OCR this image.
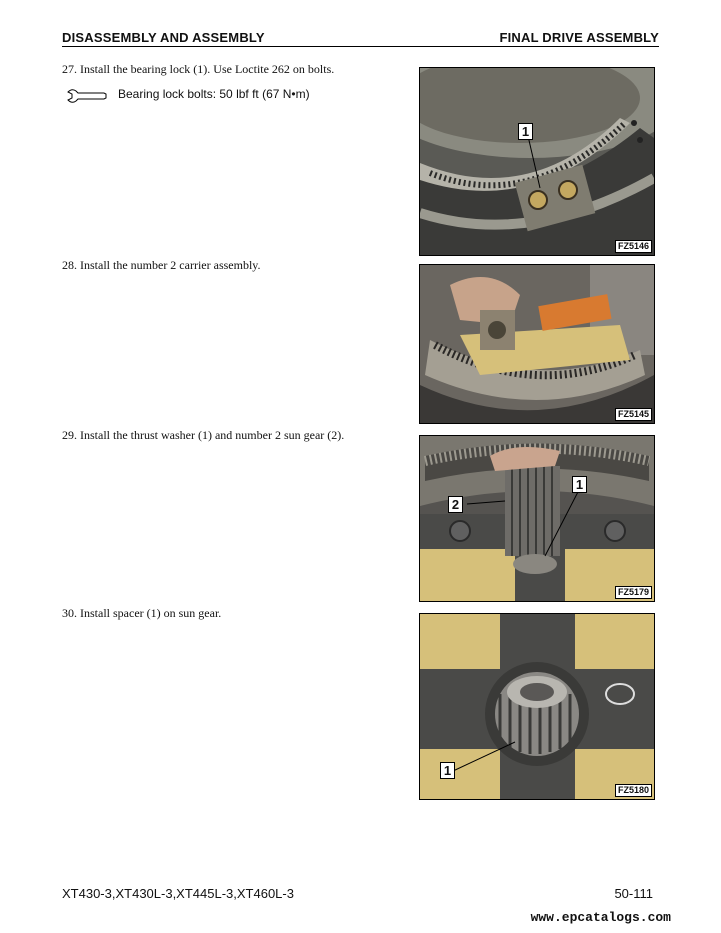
DISASSEMBLY AND ASSEMBLY	FINAL DRIVE ASSEMBLY
27. Install the bearing lock (1). Use Loctite 262 on bolts.
Bearing lock bolts: 50 lbf ft (67 N•m)
1
FZ5146
28. Install the number 2 carrier assembly.
FZ5145
29. Install the thrust washer (1) and number 2 sun gear (2).
2
1
FZ5179
30. Install spacer (1) on sun gear.
1
FZ5180
XT430-3,XT430L-3,XT445L-3,XT460L-3	50-111
www.epcatalogs.com
